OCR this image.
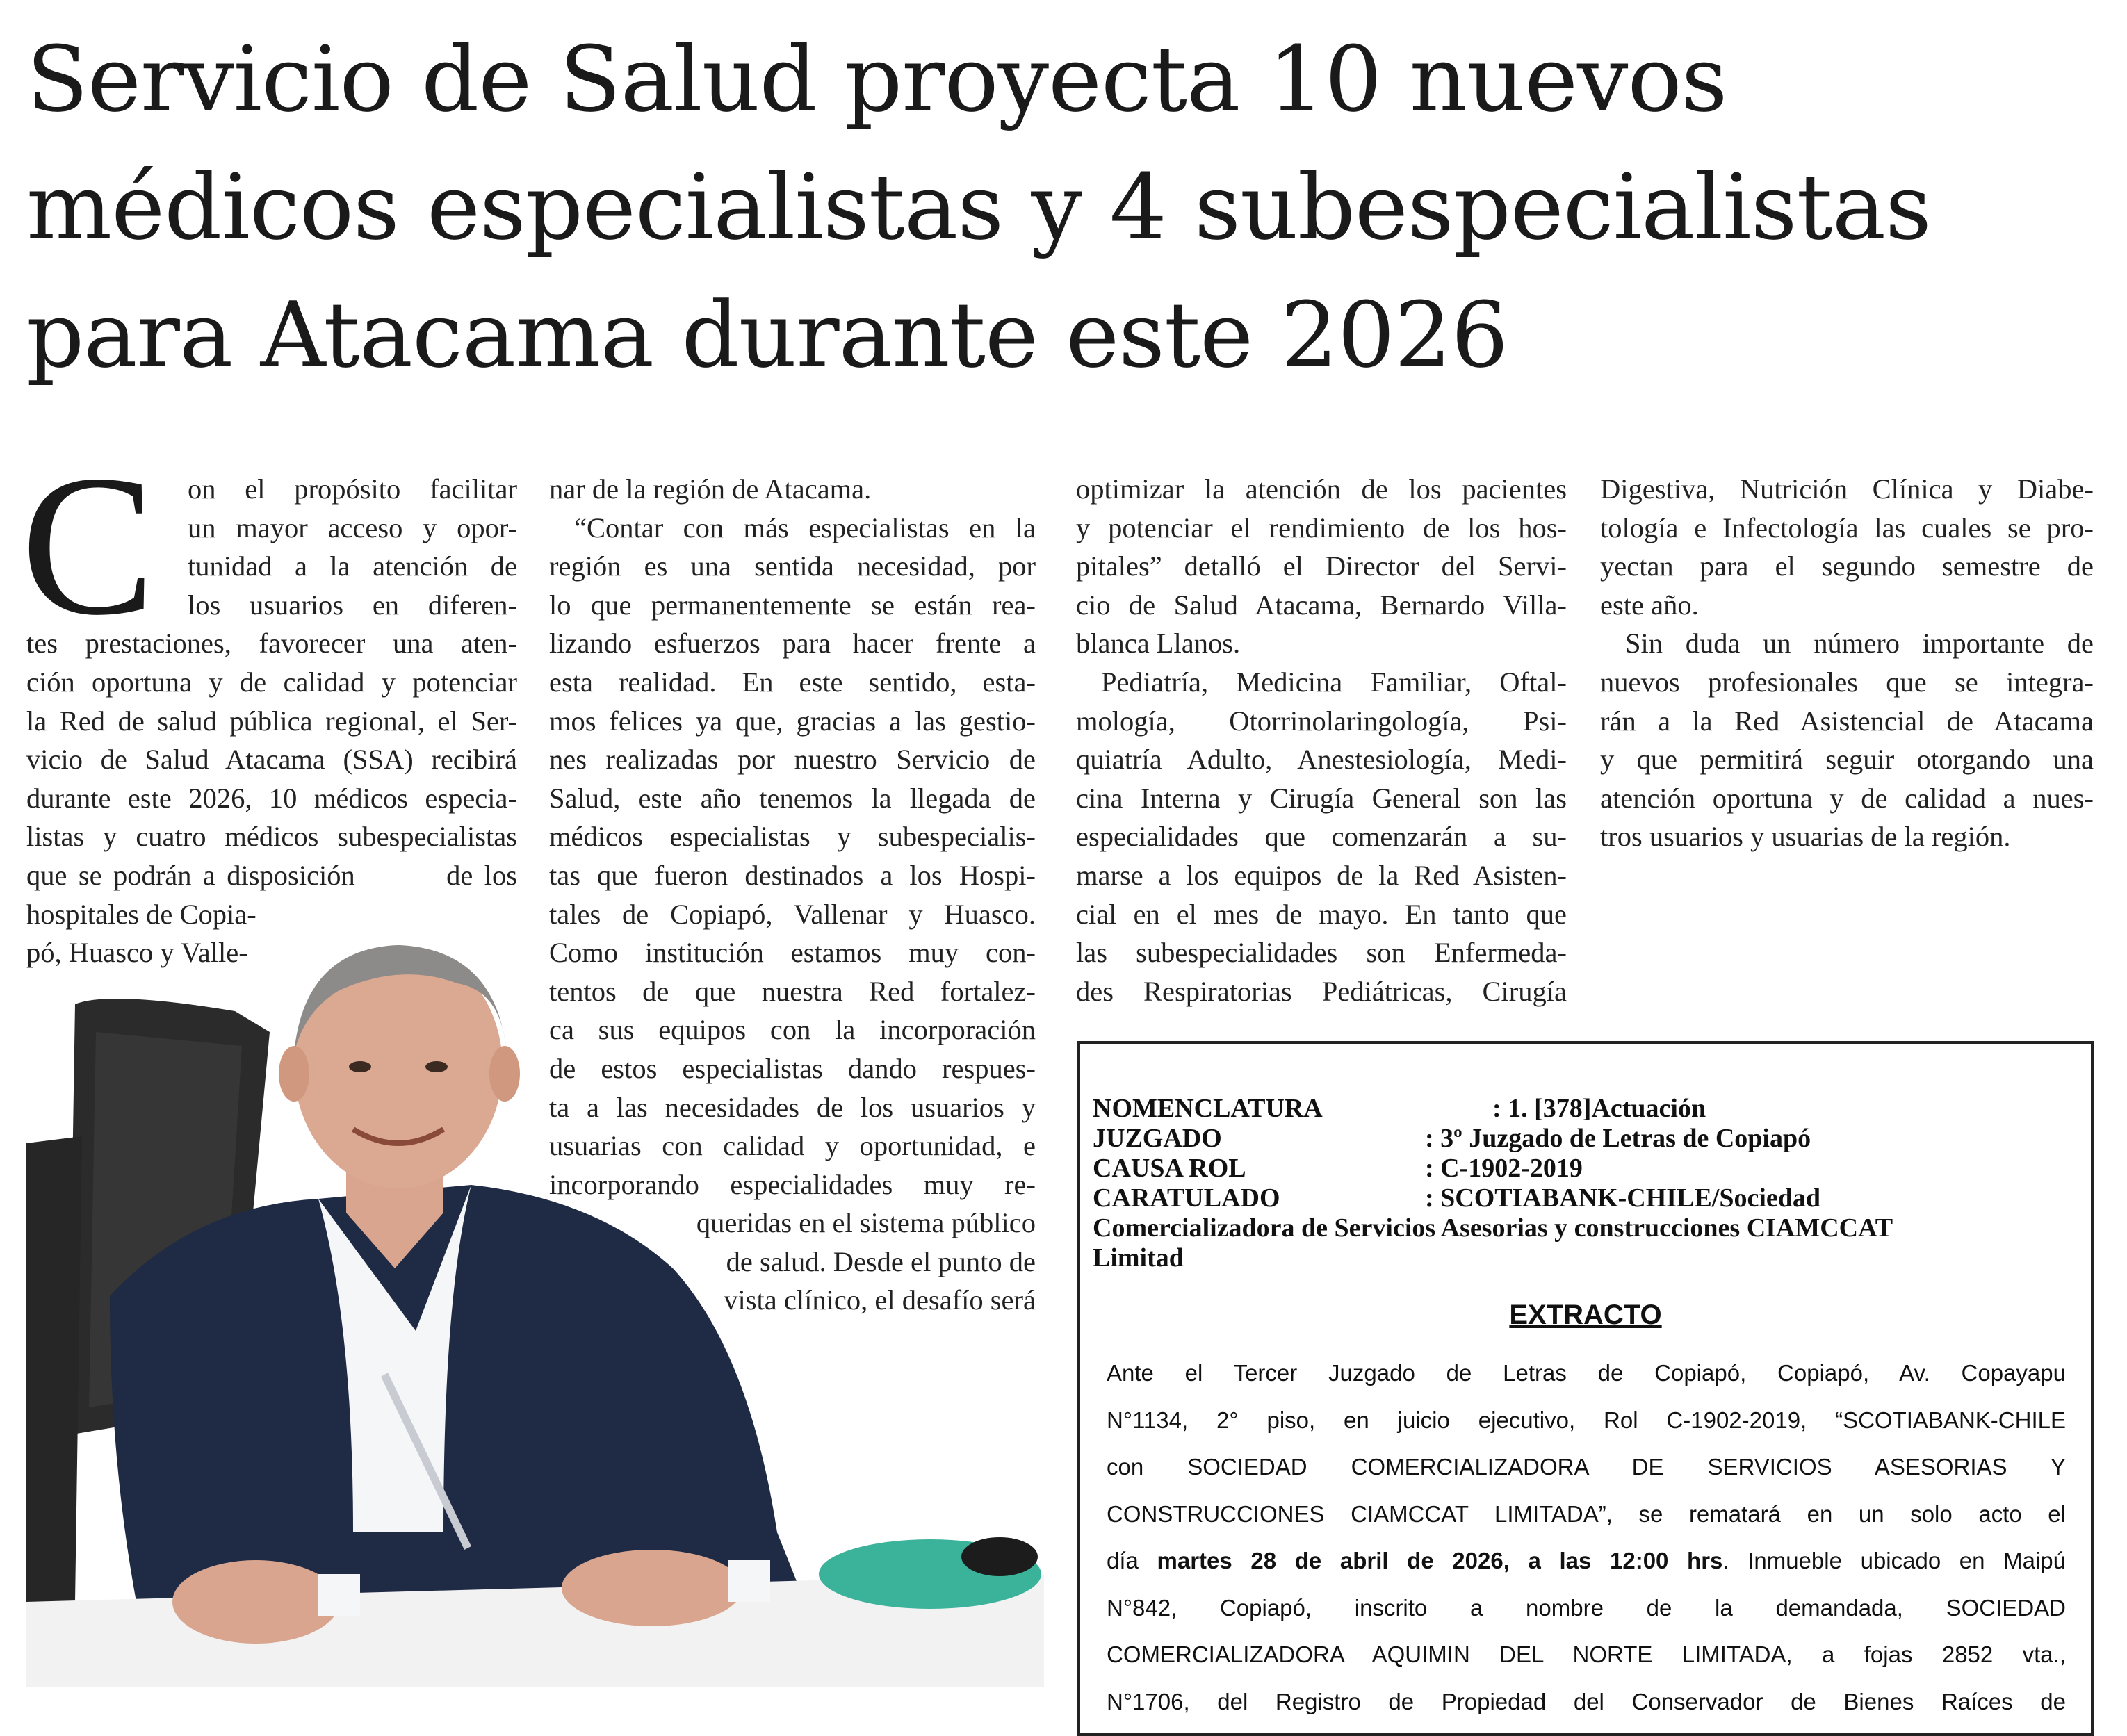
Servicio de Salud proyecta 10 nuevos
médicos especialistas y 4 subespecialistas
para Atacama durante este 2026
C on el propósito facilitar
un mayor acceso y opor-
tunidad a la atención de
los usuarios en diferen-
tes prestaciones, favorecer una aten-
ción oportuna y de calidad y potenciar
la Red de salud pública regional, el Ser-
vicio de Salud Atacama (SSA) recibirá
durante este 2026, 10 médicos especia-
listas y cuatro médicos subespecialistas
que se podrán a disposición        de los
hospitales de Copia-
pó, Huasco y Valle-
nar de la región de Atacama.
“Contar con más especialistas en la
región es una sentida necesidad, por
lo que permanentemente se están rea-
lizando esfuerzos para hacer frente a
esta realidad. En este sentido, esta-
mos felices ya que, gracias a las gestio-
nes realizadas por nuestro Servicio de
Salud, este año tenemos la llegada de
médicos especialistas y subespecialis-
tas que fueron destinados a los Hospi-
tales de Copiapó, Vallenar y Huasco.
Como institución estamos muy con-
tentos de que nuestra Red fortalez-
ca sus equipos con la incorporación
de estos especialistas dando respues-
ta a las necesidades de los usuarios y
usuarias con calidad y oportunidad, e
incorporando especialidades muy re-
queridas en el sistema público
de salud. Desde el punto de
vista clínico, el desafío será
optimizar la atención de los pacientes
y potenciar el rendimiento de los hos-
pitales” detalló el Director del Servi-
cio de Salud Atacama, Bernardo Villa-
blanca Llanos.
Pediatría, Medicina Familiar, Oftal-
mología, Otorrinolaringología, Psi-
quiatría Adulto, Anestesiología, Medi-
cina Interna y Cirugía General son las
especialidades que comenzarán a su-
marse a los equipos de la Red Asisten-
cial en el mes de mayo. En tanto que
las subespecialidades son Enfermeda-
des Respiratorias Pediátricas, Cirugía
Digestiva, Nutrición Clínica y Diabe-
tología e Infectología las cuales se pro-
yectan para el segundo semestre de
este año.
Sin duda un número importante de
nuevos profesionales que se integra-
rán a la Red Asistencial de Atacama
y que permitirá seguir otorgando una
atención oportuna y de calidad a nues-
tros usuarios y usuarias de la región.
NOMENCLATURA	: 1. [378]Actuación
JUZGADO	: 3º Juzgado de Letras de Copiapó
CAUSA ROL	: C-1902-2019
CARATULADO	: SCOTIABANK-CHILE/Sociedad
Comercializadora de Servicios Asesorias y construcciones CIAMCCAT
Limitad
EXTRACTO
Ante el Tercer Juzgado de Letras de Copiapó, Copiapó, Av. Copayapu
N°1134, 2° piso, en juicio ejecutivo, Rol C-1902-2019, “SCOTIABANK-CHILE
con SOCIEDAD COMERCIALIZADORA DE SERVICIOS ASESORIAS Y
CONSTRUCCIONES CIAMCCAT LIMITADA”, se rematará en un solo acto el
día martes 28 de abril de 2026, a las 12:00 hrs. Inmueble ubicado en Maipú
N°842, Copiapó, inscrito a nombre de la demandada, SOCIEDAD
COMERCIALIZADORA AQUIMIN DEL NORTE LIMITADA, a fojas 2852 vta.,
N°1706, del Registro de Propiedad del Conservador de Bienes Raíces de
